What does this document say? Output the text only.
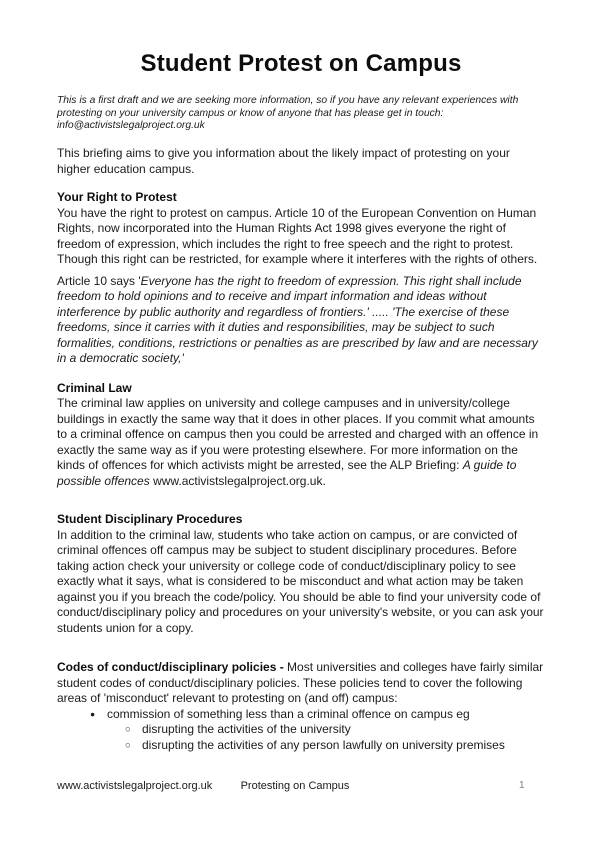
Student Protest on Campus

This is a first draft and we are seeking more information, so if you have any relevant experiences with protesting on your university campus or know of anyone that has please get in touch: info@activistslegalproject.org.uk

This briefing aims to give you information about the likely impact of protesting on your higher education campus.

Your Right to Protest

You have the right to protest on campus. Article 10 of the European Convention on Human Rights, now incorporated into the Human Rights Act 1998 gives everyone the right of freedom of expression, which includes the right to free speech and the right to protest. Though this right can be restricted, for example where it interferes with the rights of others.

Article 10 says 'Everyone has the right to freedom of expression. This right shall include freedom to hold opinions and to receive and impart information and ideas without interference by public authority and regardless of frontiers.' ..... 'The exercise of these freedoms, since it carries with it duties and responsibilities, may be subject to such formalities, conditions, restrictions or penalties as are prescribed by law and are necessary in a democratic society,'

Criminal Law

The criminal law applies on university and college campuses and in university/college buildings in exactly the same way that it does in other places. If you commit what amounts to a criminal offence on campus then you could be arrested and charged with an offence in exactly the same way as if you were protesting elsewhere. For more information on the kinds of offences for which activists might be arrested, see the ALP Briefing: A guide to possible offences www.activistslegalproject.org.uk.

Student Disciplinary Procedures

In addition to the criminal law, students who take action on campus, or are convicted of criminal offences off campus may be subject to student disciplinary procedures. Before taking action check your university or college code of conduct/disciplinary policy to see exactly what it says, what is considered to be misconduct and what action may be taken against you if you breach the code/policy. You should be able to find your university code of conduct/disciplinary policy and procedures on your university's website, or you can ask your students union for a copy.

Codes of conduct/disciplinary policies - Most universities and colleges have fairly similar student codes of conduct/disciplinary policies. These policies tend to cover the following areas of 'misconduct' relevant to protesting on (and off) campus:

● commission of something less than a criminal offence on campus eg
○ disrupting the activities of the university
○ disrupting the activities of any person lawfully on university premises
www.activistslegalproject.org.uk	Protesting on Campus	1
